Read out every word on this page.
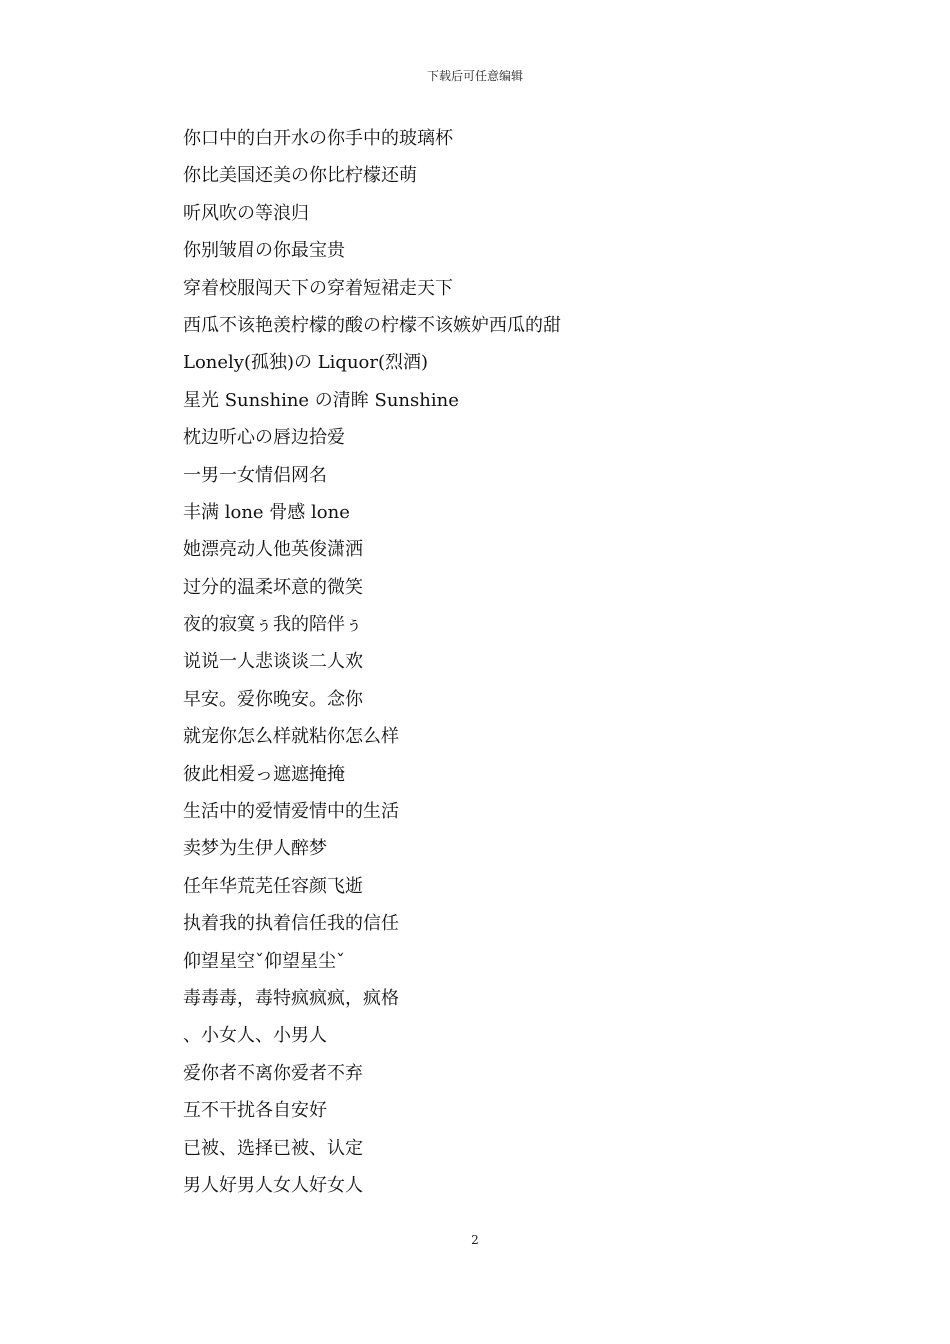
下载后可任意编辑
你口中的白开水の你手中的玻璃杯
你比美国还美の你比柠檬还萌
听风吹の等浪归
你别皱眉の你最宝贵
穿着校服闯天下の穿着短裙走天下
西瓜不该艳羡柠檬的酸の柠檬不该嫉妒西瓜的甜
Lonely(孤独)の Liquor(烈酒)
星光 Sunshine の清眸 Sunshine
枕边听心の唇边拾爱
一男一女情侣网名
丰满 lone 骨感 lone
她漂亮动人他英俊潇洒
过分的温柔坏意的微笑
夜的寂寞ぅ我的陪伴ぅ
说说一人悲谈谈二人欢
早安。爱你晚安。念你
就宠你怎么样就粘你怎么样
彼此相爱っ遮遮掩掩
生活中的爱情爱情中的生活
卖梦为生伊人醉梦
任年华荒芜任容颜飞逝
执着我的执着信任我的信任
仰望星空ˇ仰望星尘ˇ
毒毒毒，毒特疯疯疯，疯格
、小女人、小男人
爱你者不离你爱者不弃
互不干扰各自安好
已被、选择已被、认定
男人好男人女人好女人
2
